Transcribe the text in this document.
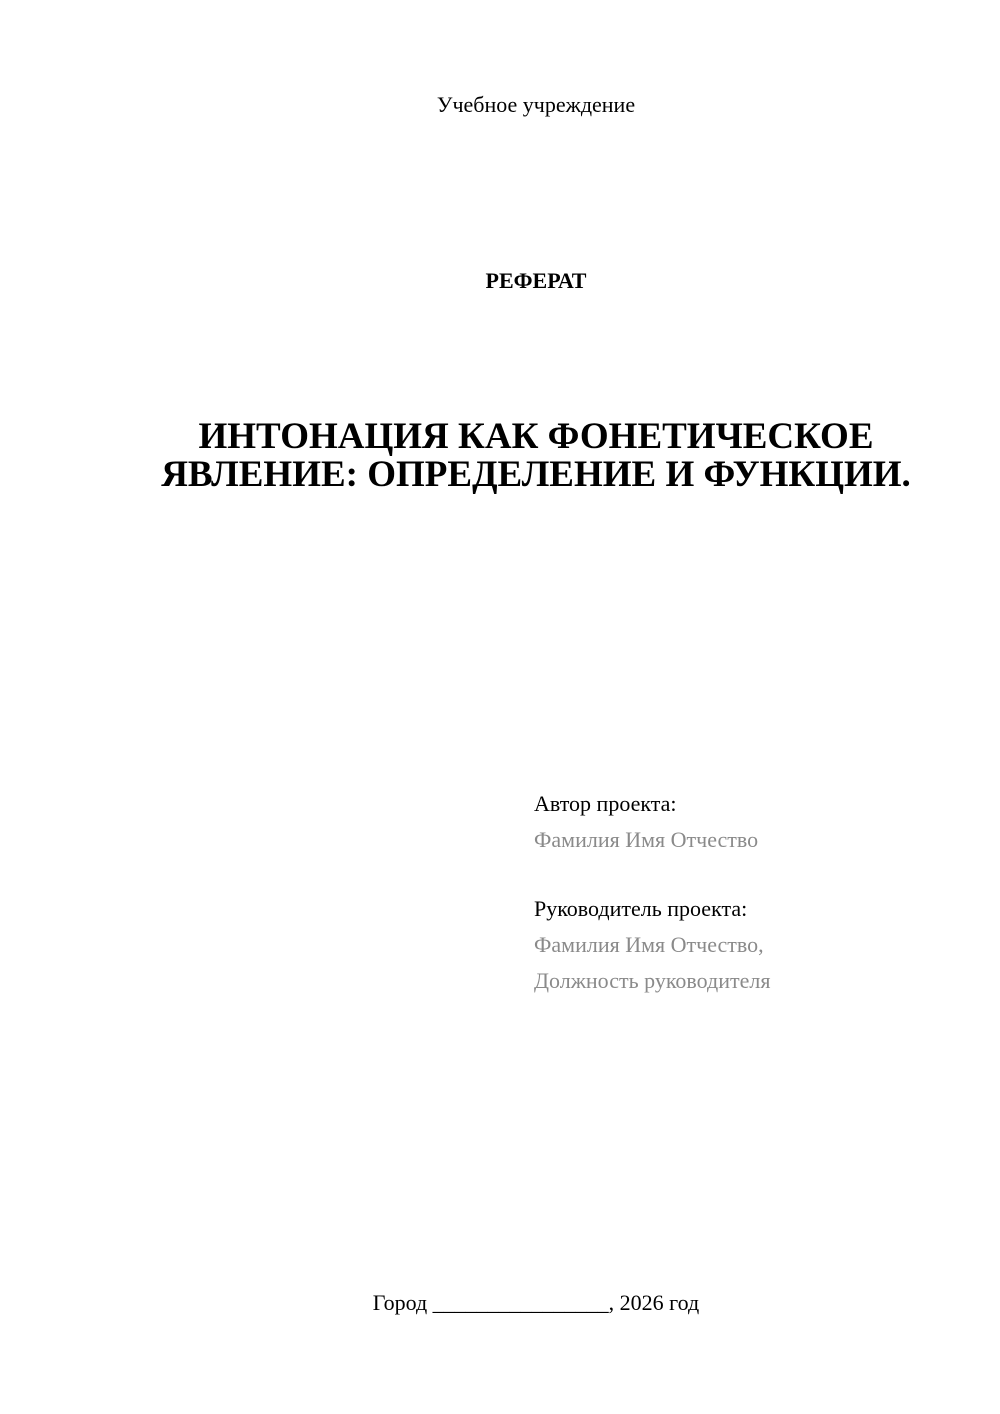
Учебное учреждение
РЕФЕРАТ
ИНТОНАЦИЯ КАК ФОНЕТИЧЕСКОЕ ЯВЛЕНИЕ: ОПРЕДЕЛЕНИЕ И ФУНКЦИИ.
Автор проекта:
Фамилия Имя Отчество
Руководитель проекта:
Фамилия Имя Отчество,
Должность руководителя
Город ________________, 2026 год
